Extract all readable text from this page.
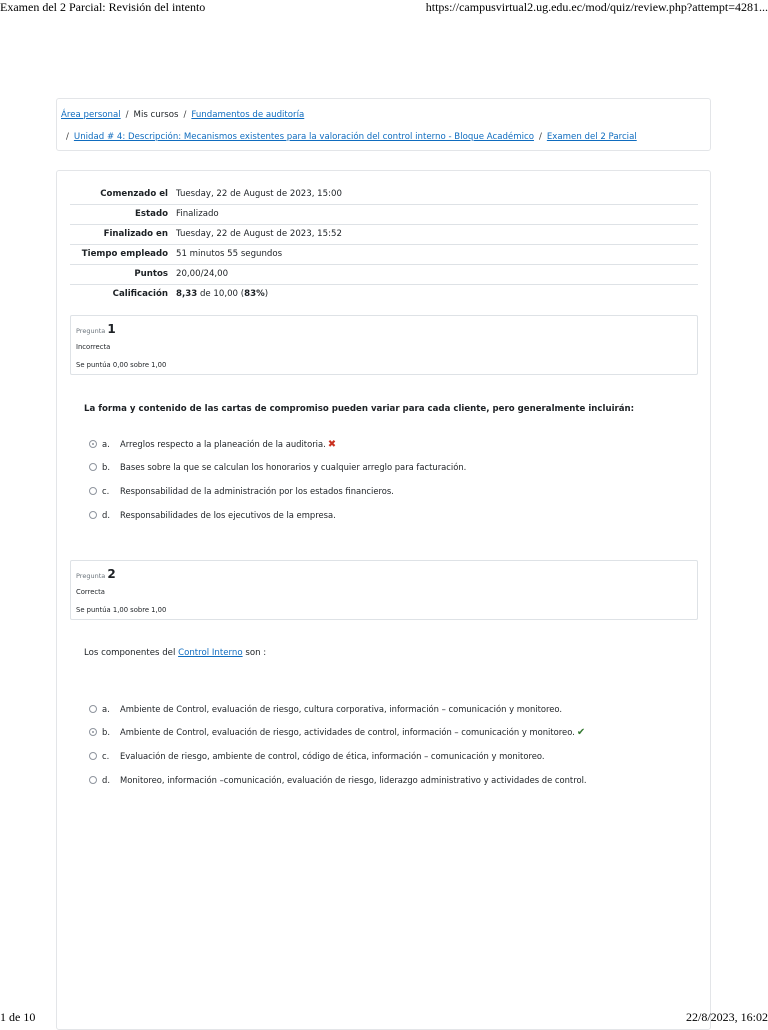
Examen del 2 Parcial: Revisión del intento	https://campusvirtual2.ug.edu.ec/mod/quiz/review.php?attempt=4281...
Área personal / Mis cursos / Fundamentos de auditoría
/ Unidad # 4: Descripción: Mecanismos existentes para la valoración del control interno - Bloque Académico / Examen del 2 Parcial
Comenzado el	Tuesday, 22 de August de 2023, 15:00
Estado	Finalizado
Finalizado en	Tuesday, 22 de August de 2023, 15:52
Tiempo empleado	51 minutos 55 segundos
Puntos	20,00/24,00
Calificación	8,33 de 10,00 (83%)
Pregunta 1
Incorrecta
Se puntúa 0,00 sobre 1,00
La forma y contenido de las cartas de compromiso pueden variar para cada cliente, pero generalmente incluirán:
a. Arreglos respecto a la planeación de la auditoria. ✖
b. Bases sobre la que se calculan los honorarios y cualquier arreglo para facturación.
c. Responsabilidad de la administración por los estados financieros.
d. Responsabilidades de los ejecutivos de la empresa.
Pregunta 2
Correcta
Se puntúa 1,00 sobre 1,00
Los componentes del Control Interno son :
a. Ambiente de Control, evaluación de riesgo, cultura corporativa, información – comunicación y monitoreo.
b. Ambiente de Control, evaluación de riesgo, actividades de control, información – comunicación y monitoreo. ✔
c. Evaluación de riesgo, ambiente de control, código de ética, información – comunicación y monitoreo.
d. Monitoreo, información –comunicación, evaluación de riesgo, liderazgo administrativo y actividades de control.
1 de 10	22/8/2023, 16:02
